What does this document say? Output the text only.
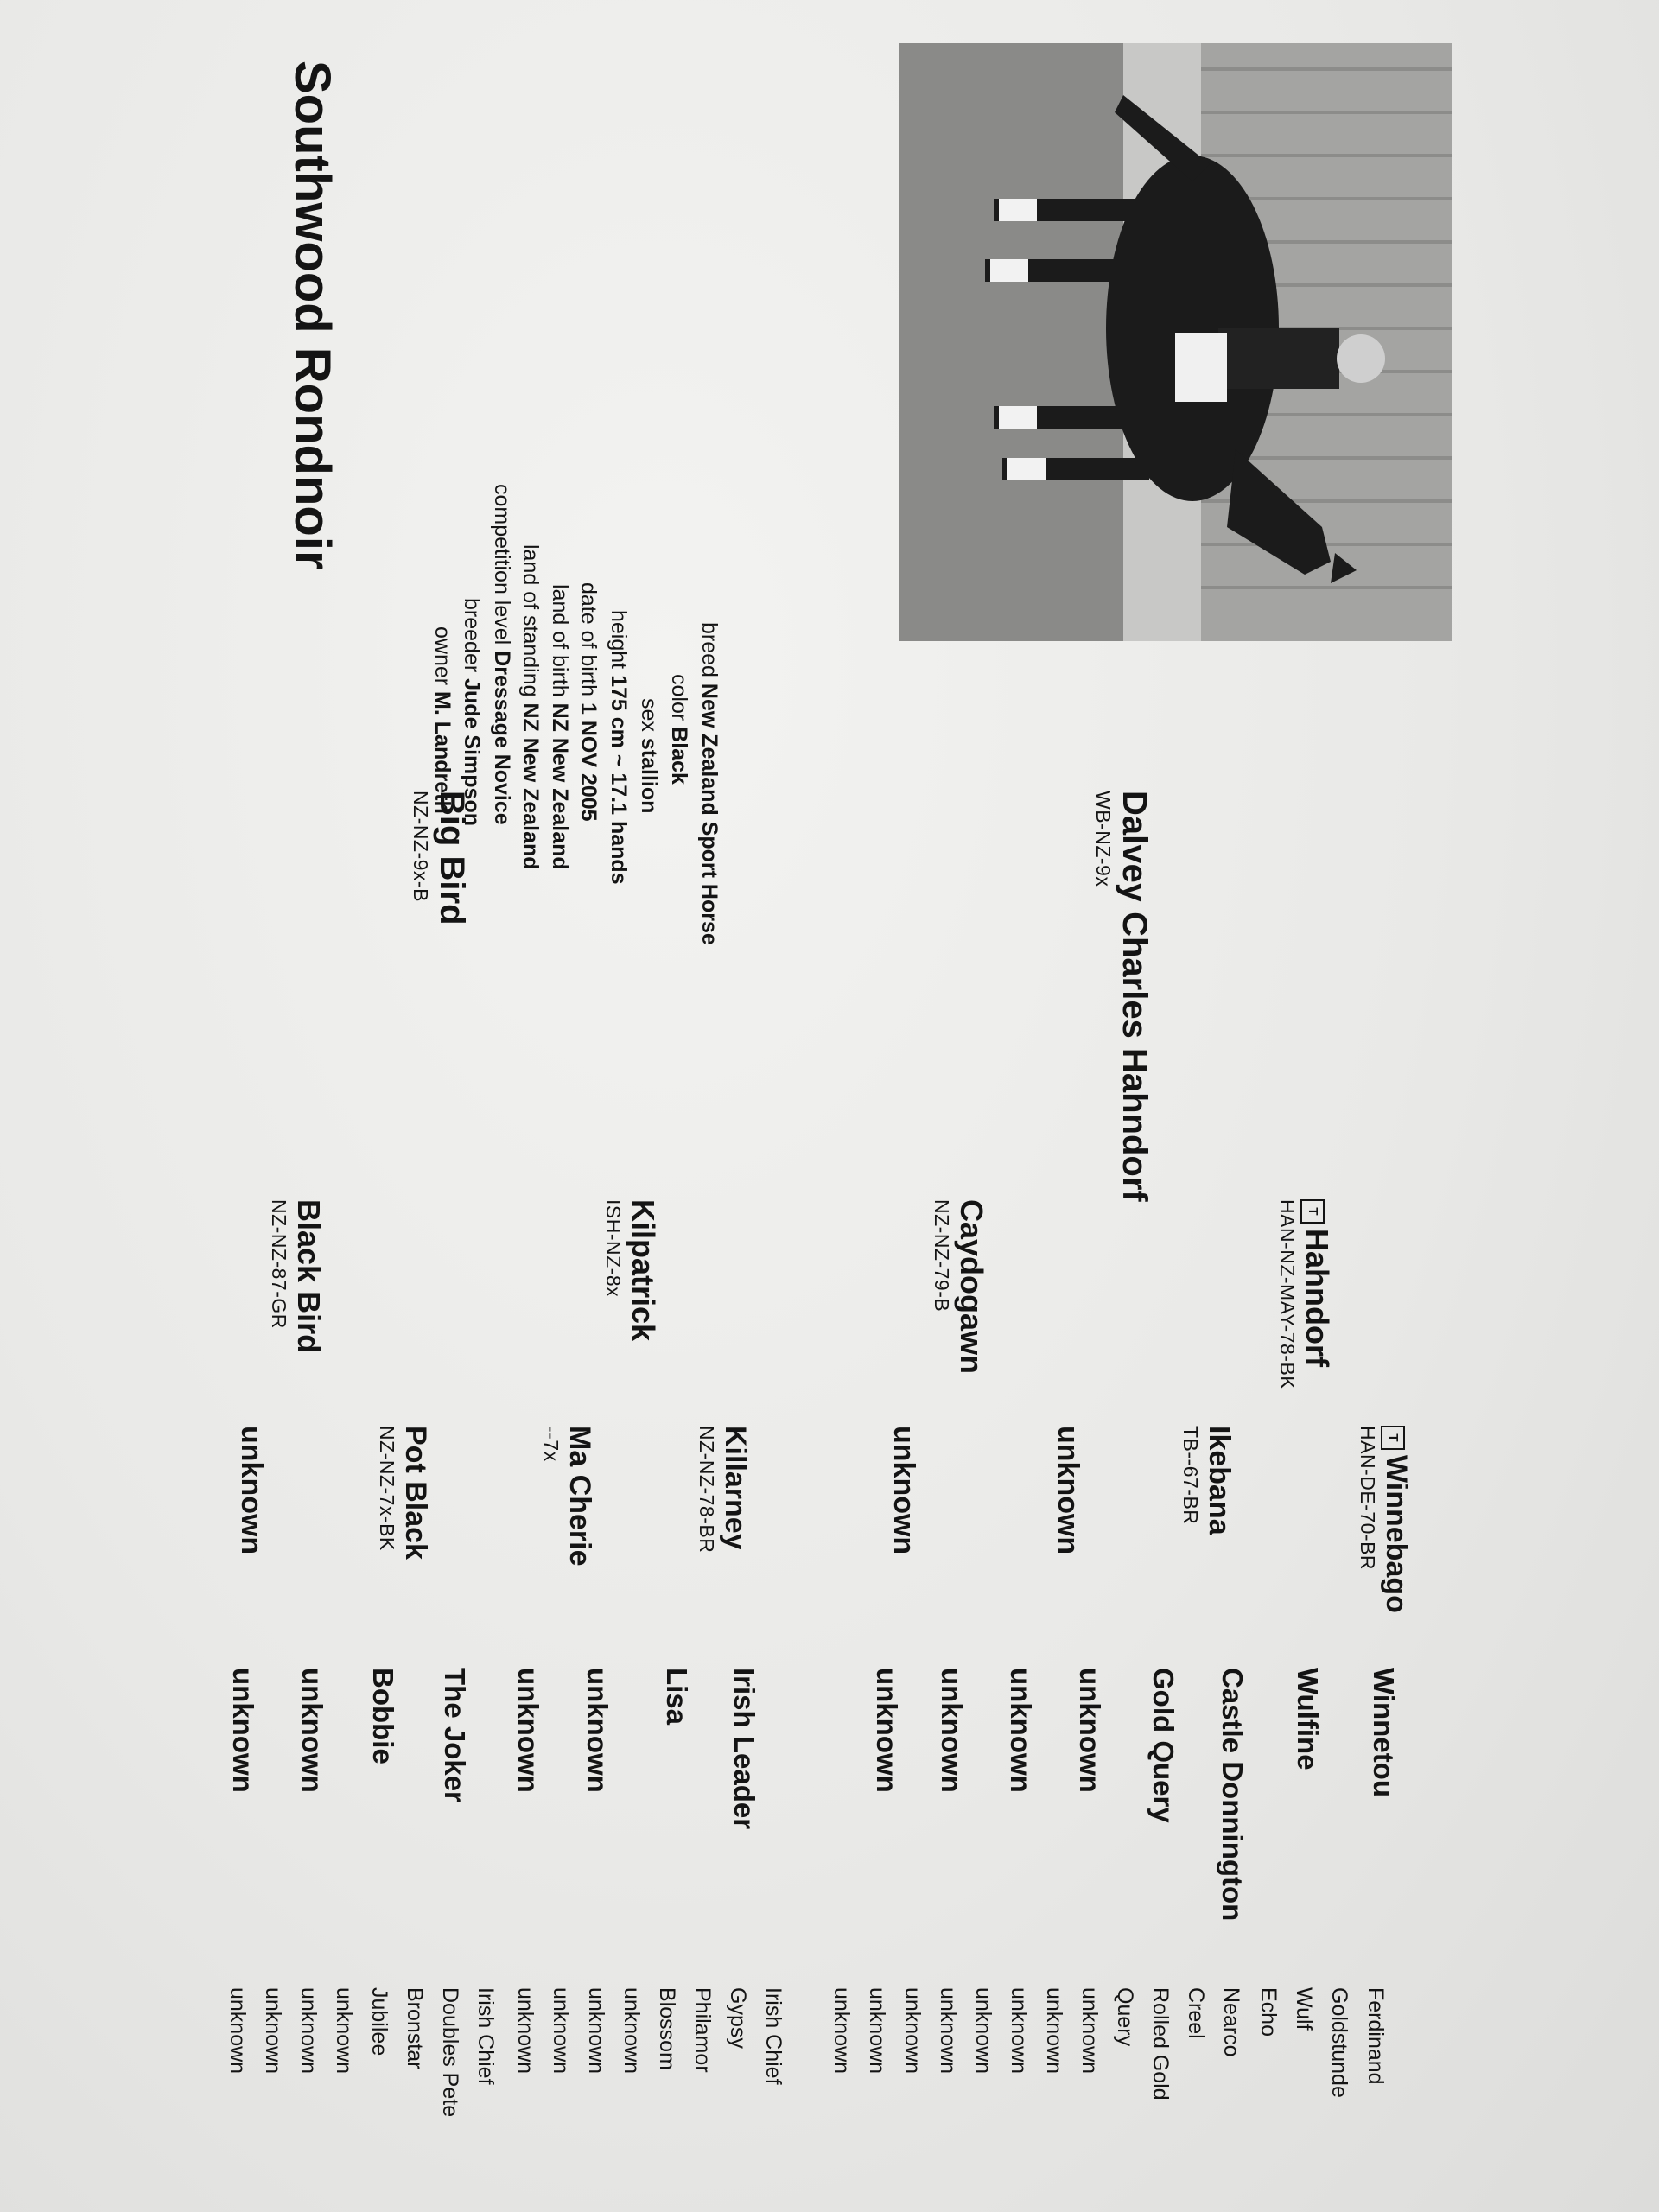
Southwood Rondnoir
breed New Zealand Sport Horse
color Black
sex stallion
height 175 cm ~ 17.1 hands
date of birth 1 NOV 2005
land of birth NZ New Zealand
land of standing NZ New Zealand
competition level Dressage Novice
breeder Jude Simpson
owner M. Landreth
Dalvey Charles Hahndorf
WB-NZ-9x
Big Bird
NZ-NZ-9x-B
THahndorf
HAN-NZ-MAY-78-BK
Caydogawn
NZ-NZ-79-B
Kilpatrick
ISH-NZ-8x
Black Bird
NZ-NZ-87-GR
TWinnebago
HAN-DE-70-BR
Ikebana
TB--67-BR
unknown
unknown
Killarney
NZ-NZ-78-BR
Ma Cherie
--7x
Pot Black
NZ-NZ-7x-BK
unknown
Winnetou
Wulfine
Castle Donnington
Gold Query
unknown
unknown
unknown
unknown
Irish Leader
Lisa
unknown
unknown
The Joker
Bobbie
unknown
unknown
Ferdinand
Goldstunde
Wulf
Echo
Nearco
Creel
Rolled Gold
Query
unknown
unknown
unknown
unknown
unknown
unknown
unknown
unknown
Irish Chief
Gypsy
Philamor
Blossom
unknown
unknown
unknown
unknown
Irish Chief
Doubles Pete
Bronstar
Jubilee
unknown
unknown
unknown
unknown
